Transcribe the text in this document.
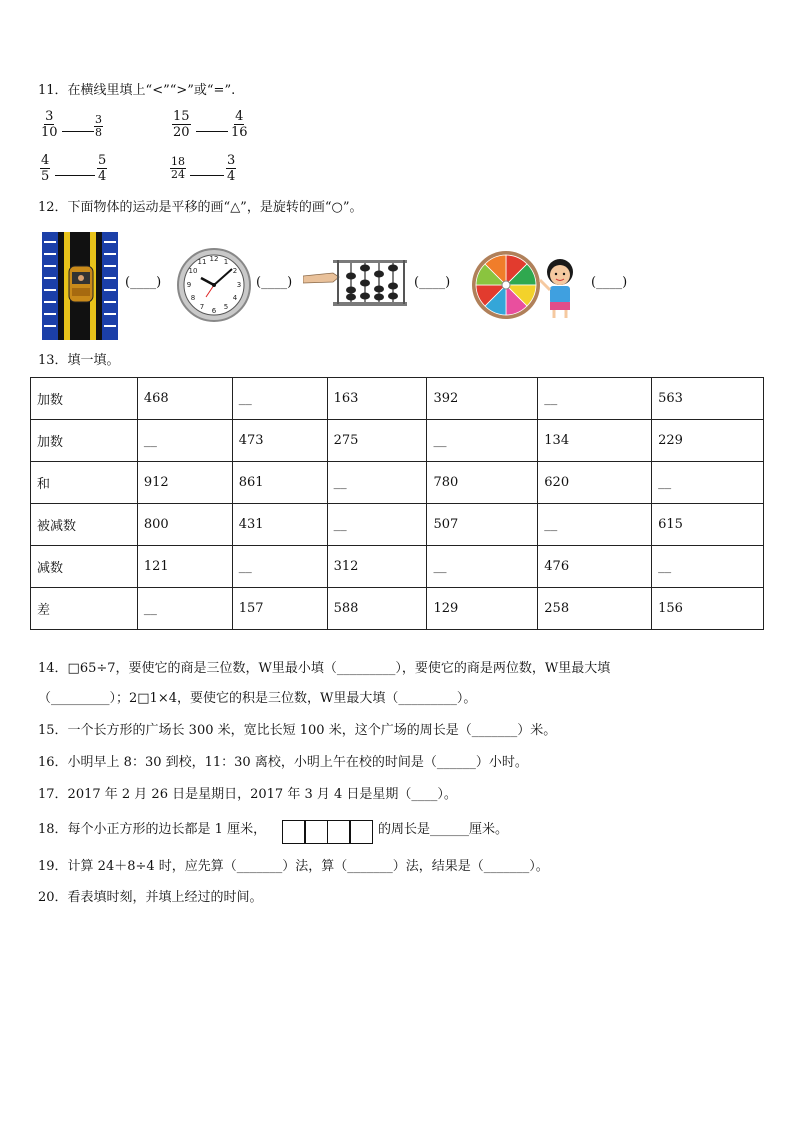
11．在横线里填上“<”“>”或“=”.
$\frac{3}{10}$	$\frac{3}{8}$	$\frac{15}{20}$	$\frac{4}{16}$
$\frac{4}{5}$	$\frac{5}{4}$	$\frac{18}{24}$	$\frac{3}{4}$
12．下面物体的运动是平移的画“△”，是旋转的画“○”。
(____)
12 1
2
3
4
5
6
7
8
9
10
11
(____)	(____)	(____)
13．填一填。
加数	468	__	163	392	__	563
加数	__	473	275	__	134	229
和	912	861	__	780	620	__
被减数	800	431	__	507	__	615
减数	121	__	312	__	476	__
差	__	157	588	129	258	156
14．□65÷7，要使它的商是三位数，W里最小填（_________），要使它的商是两位数，W里最大填
（_________）；2□1×4，要使它的积是三位数，W里最大填（_________）。
15．一个长方形的广场长 300 米，宽比长短 100 米，这个广场的周长是（_______）米。
16．小明早上 8：30 到校，11：30 离校，小明上午在校的时间是（______）小时。
17．2017 年 2 月 26 日是星期日，2017 年 3 月 4 日是星期（____）。
18．每个小正方形的边长都是 1 厘米，	的周长是______厘米。
19．计算 24＋8÷4 时，应先算（_______）法，算（_______）法，结果是（_______）。
20．看表填时刻，并填上经过的时间。
